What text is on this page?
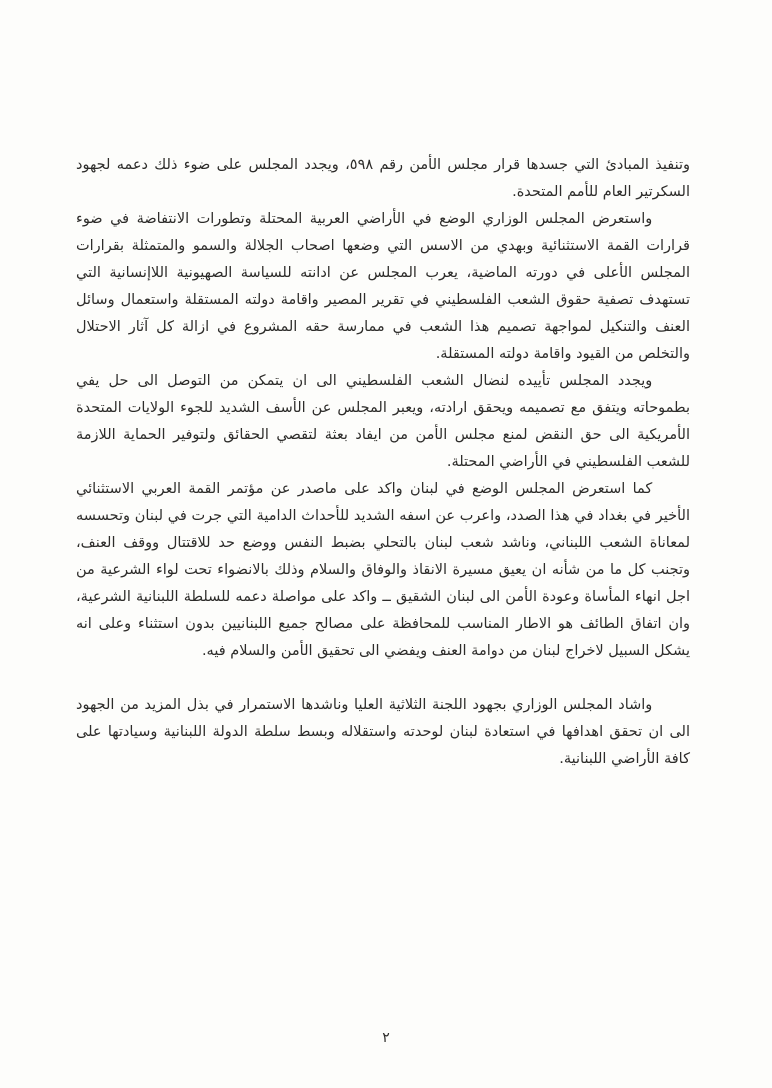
وتنفيذ المبادئ التي جسدها قرار مجلس الأمن رقم ٥٩٨، ويجدد المجلس على ضوء ذلك دعمه لجهود السكرتير العام للأمم المتحدة.

واستعرض المجلس الوزاري الوضع في الأراضي العربية المحتلة وتطورات الانتفاضة في ضوء قرارات القمة الاستثنائية وبهدي من الاسس التي وضعها اصحاب الجلالة والسمو والمتمثلة بقرارات المجلس الأعلى في دورته الماضية، يعرب المجلس عن ادانته للسياسة الصهيونية اللاإنسانية التي تستهدف تصفية حقوق الشعب الفلسطيني في تقرير المصير واقامة دولته المستقلة واستعمال وسائل العنف والتنكيل لمواجهة تصميم هذا الشعب في ممارسة حقه المشروع في ازالة كل آثار الاحتلال والتخلص من القيود واقامة دولته المستقلة.

ويجدد المجلس تأييده لنضال الشعب الفلسطيني الى ان يتمكن من التوصل الى حل يفي بطموحاته ويتفق مع تصميمه ويحقق ارادته، ويعبر المجلس عن الأسف الشديد للجوء الولايات المتحدة الأمريكية الى حق النقض لمنع مجلس الأمن من ايفاد بعثة لتقصي الحقائق ولتوفير الحماية اللازمة للشعب الفلسطيني في الأراضي المحتلة.

كما استعرض المجلس الوضع في لبنان واكد على ماصدر عن مؤتمر القمة العربي الاستثنائي الأخير في بغداد في هذا الصدد، واعرب عن اسفه الشديد للأحداث الدامية التي جرت في لبنان وتحسسه لمعاناة الشعب اللبناني، وناشد شعب لبنان بالتحلي بضبط النفس ووضع حد للاقتتال ووقف العنف، وتجنب كل ما من شأنه ان يعيق مسيرة الانقاذ والوفاق والسلام وذلك بالانضواء تحت لواء الشرعية من اجل انهاء المأساة وعودة الأمن الى لبنان الشقيق ــ واكد على مواصلة دعمه للسلطة اللبنانية الشرعية، وان اتفاق الطائف هو الاطار المناسب للمحافظة على مصالح جميع اللبنانيين بدون استثناء وعلى انه يشكل السبيل لاخراج لبنان من دوامة العنف ويفضي الى تحقيق الأمن والسلام فيه.

واشاد المجلس الوزاري بجهود اللجنة الثلاثية العليا وناشدها الاستمرار في بذل المزيد من الجهود الى ان تحقق اهدافها في استعادة لبنان لوحدته واستقلاله وبسط سلطة الدولة اللبنانية وسيادتها على كافة الأراضي اللبنانية.

٢
